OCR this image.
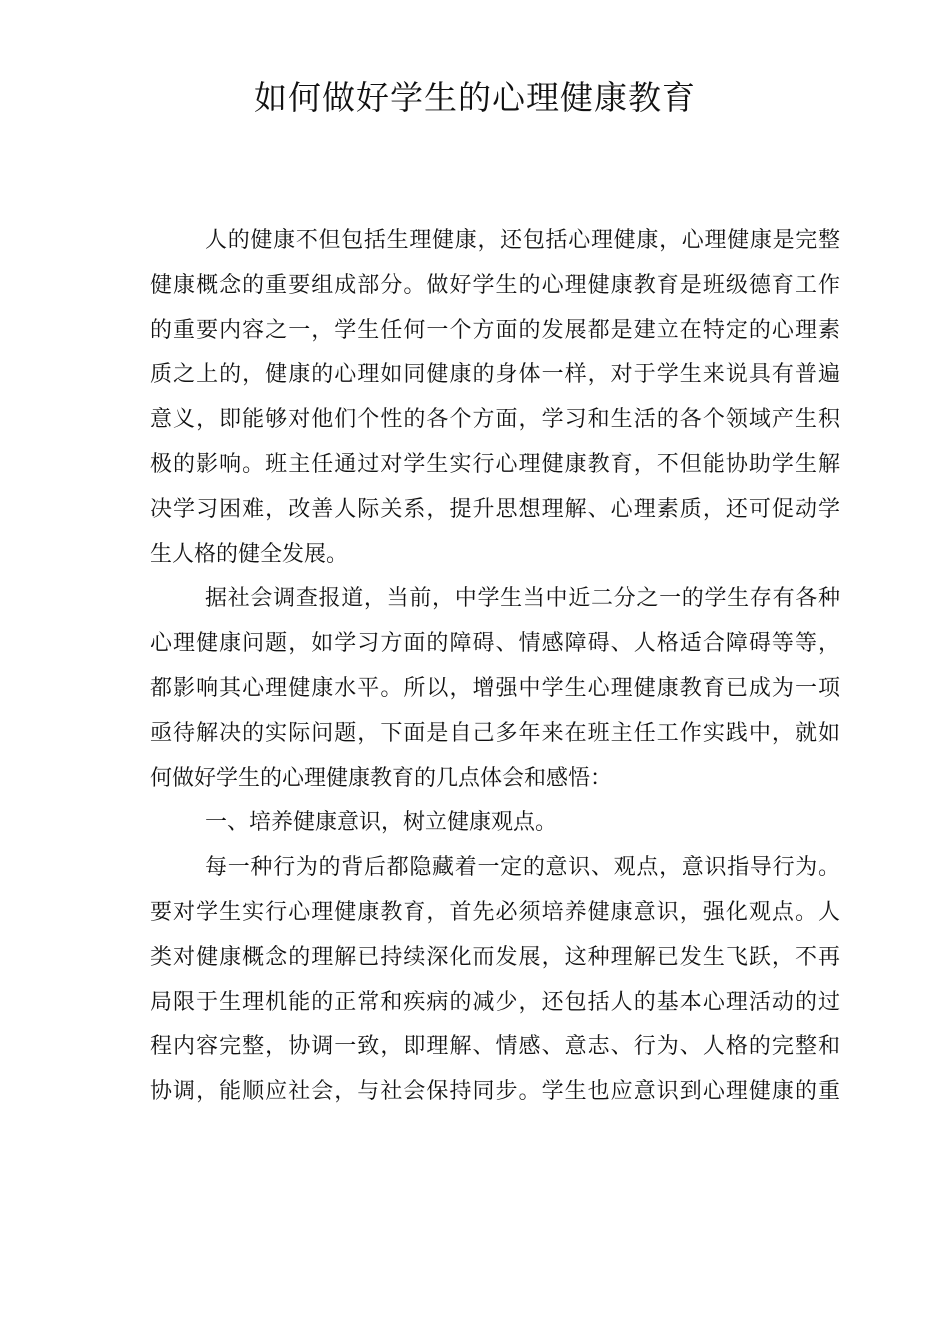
如何做好学生的心理健康教育
人的健康不但包括生理健康，还包括心理健康，心理健康是完整
健康概念的重要组成部分。做好学生的心理健康教育是班级德育工作
的重要内容之一，学生任何一个方面的发展都是建立在特定的心理素
质之上的，健康的心理如同健康的身体一样，对于学生来说具有普遍
意义，即能够对他们个性的各个方面，学习和生活的各个领域产生积
极的影响。班主任通过对学生实行心理健康教育，不但能协助学生解
决学习困难，改善人际关系，提升思想理解、心理素质，还可促动学
生人格的健全发展。
据社会调查报道，当前，中学生当中近二分之一的学生存有各种
心理健康问题，如学习方面的障碍、情感障碍、人格适合障碍等等，
都影响其心理健康水平。所以，增强中学生心理健康教育已成为一项
亟待解决的实际问题，下面是自己多年来在班主任工作实践中，就如
何做好学生的心理健康教育的几点体会和感悟：
一、培养健康意识，树立健康观点。
每一种行为的背后都隐藏着一定的意识、观点，意识指导行为。
要对学生实行心理健康教育，首先必须培养健康意识，强化观点。人
类对健康概念的理解已持续深化而发展，这种理解已发生飞跃，不再
局限于生理机能的正常和疾病的减少，还包括人的基本心理活动的过
程内容完整，协调一致，即理解、情感、意志、行为、人格的完整和
协调，能顺应社会，与社会保持同步。学生也应意识到心理健康的重
